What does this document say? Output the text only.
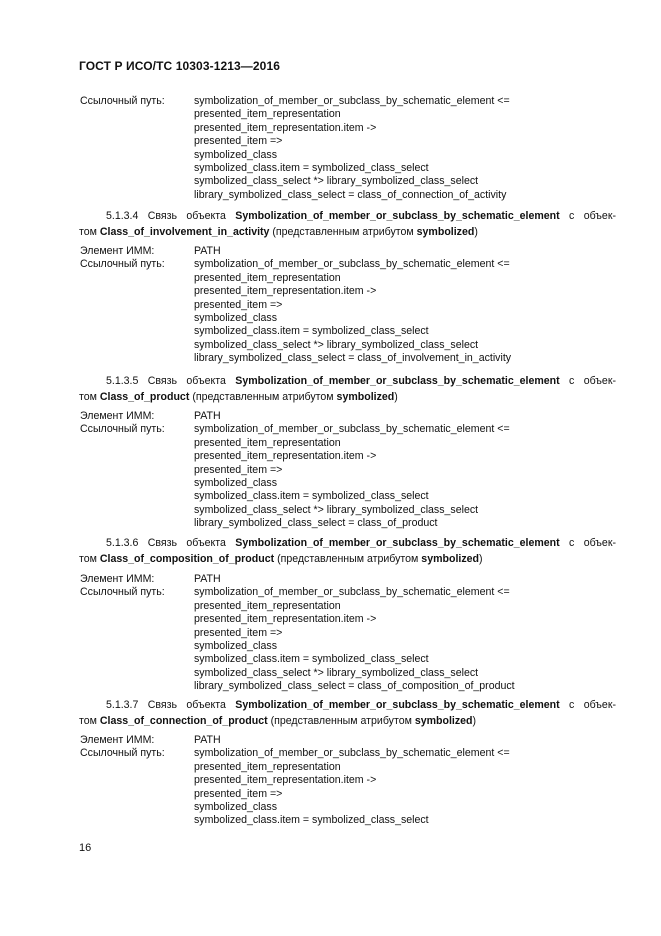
ГОСТ Р ИСО/ТС 10303-1213—2016
Ссылочный путь:	symbolization_of_member_or_subclass_by_schematic_element <=
presented_item_representation
presented_item_representation.item ->
presented_item =>
symbolized_class
symbolized_class.item = symbolized_class_select
symbolized_class_select *> library_symbolized_class_select
library_symbolized_class_select = class_of_connection_of_activity
5.1.3.4 Связь объекта Symbolization_of_member_or_subclass_by_schematic_element с объек-
том Class_of_involvement_in_activity (представленным атрибутом symbolized)
Элемент ИММ:	PATH
Ссылочный путь:	symbolization_of_member_or_subclass_by_schematic_element <=
presented_item_representation
presented_item_representation.item ->
presented_item =>
symbolized_class
symbolized_class.item = symbolized_class_select
symbolized_class_select *> library_symbolized_class_select
library_symbolized_class_select = class_of_involvement_in_activity
5.1.3.5 Связь объекта Symbolization_of_member_or_subclass_by_schematic_element с объек-
том Class_of_product (представленным атрибутом symbolized)
Элемент ИММ:	PATH
Ссылочный путь:	symbolization_of_member_or_subclass_by_schematic_element <=
presented_item_representation
presented_item_representation.item ->
presented_item =>
symbolized_class
symbolized_class.item = symbolized_class_select
symbolized_class_select *> library_symbolized_class_select
library_symbolized_class_select = class_of_product
5.1.3.6 Связь объекта Symbolization_of_member_or_subclass_by_schematic_element с объек-
том Class_of_composition_of_product (представленным атрибутом symbolized)
Элемент ИММ:	PATH
Ссылочный путь:	symbolization_of_member_or_subclass_by_schematic_element <=
presented_item_representation
presented_item_representation.item ->
presented_item =>
symbolized_class
symbolized_class.item = symbolized_class_select
symbolized_class_select *> library_symbolized_class_select
library_symbolized_class_select = class_of_composition_of_product
5.1.3.7 Связь объекта Symbolization_of_member_or_subclass_by_schematic_element с объек-
том Class_of_connection_of_product (представленным атрибутом symbolized)
Элемент ИММ:	PATH
Ссылочный путь:	symbolization_of_member_or_subclass_by_schematic_element <=
presented_item_representation
presented_item_representation.item ->
presented_item =>
symbolized_class
symbolized_class.item = symbolized_class_select
16
